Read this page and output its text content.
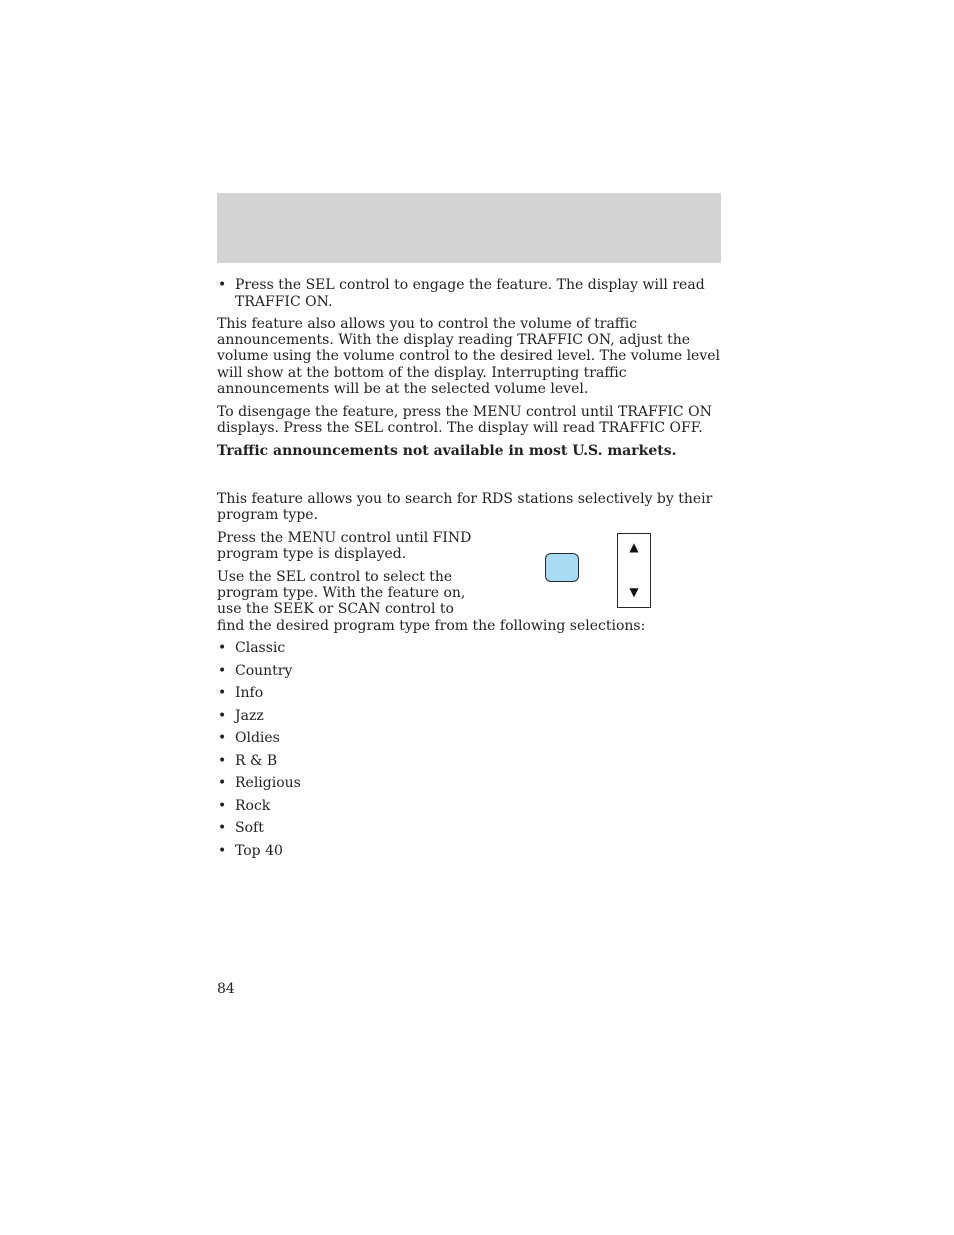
• Press the SEL control to engage the feature. The display will read
TRAFFIC ON.
This feature also allows you to control the volume of traffic
announcements. With the display reading TRAFFIC ON, adjust the
volume using the volume control to the desired level. The volume level
will show at the bottom of the display. Interrupting traffic
announcements will be at the selected volume level.
To disengage the feature, press the MENU control until TRAFFIC ON
displays. Press the SEL control. The display will read TRAFFIC OFF.
Traffic announcements not available in most U.S. markets.
This feature allows you to search for RDS stations selectively by their
program type.
Press the MENU control until FIND
program type is displayed.
Use the SEL control to select the
program type. With the feature on,
use the SEEK or SCAN control to
find the desired program type from the following selections:
▲
▼
• Classic
• Country
• Info
• Jazz
• Oldies
• R & B
• Religious
• Rock
• Soft
• Top 40
84
